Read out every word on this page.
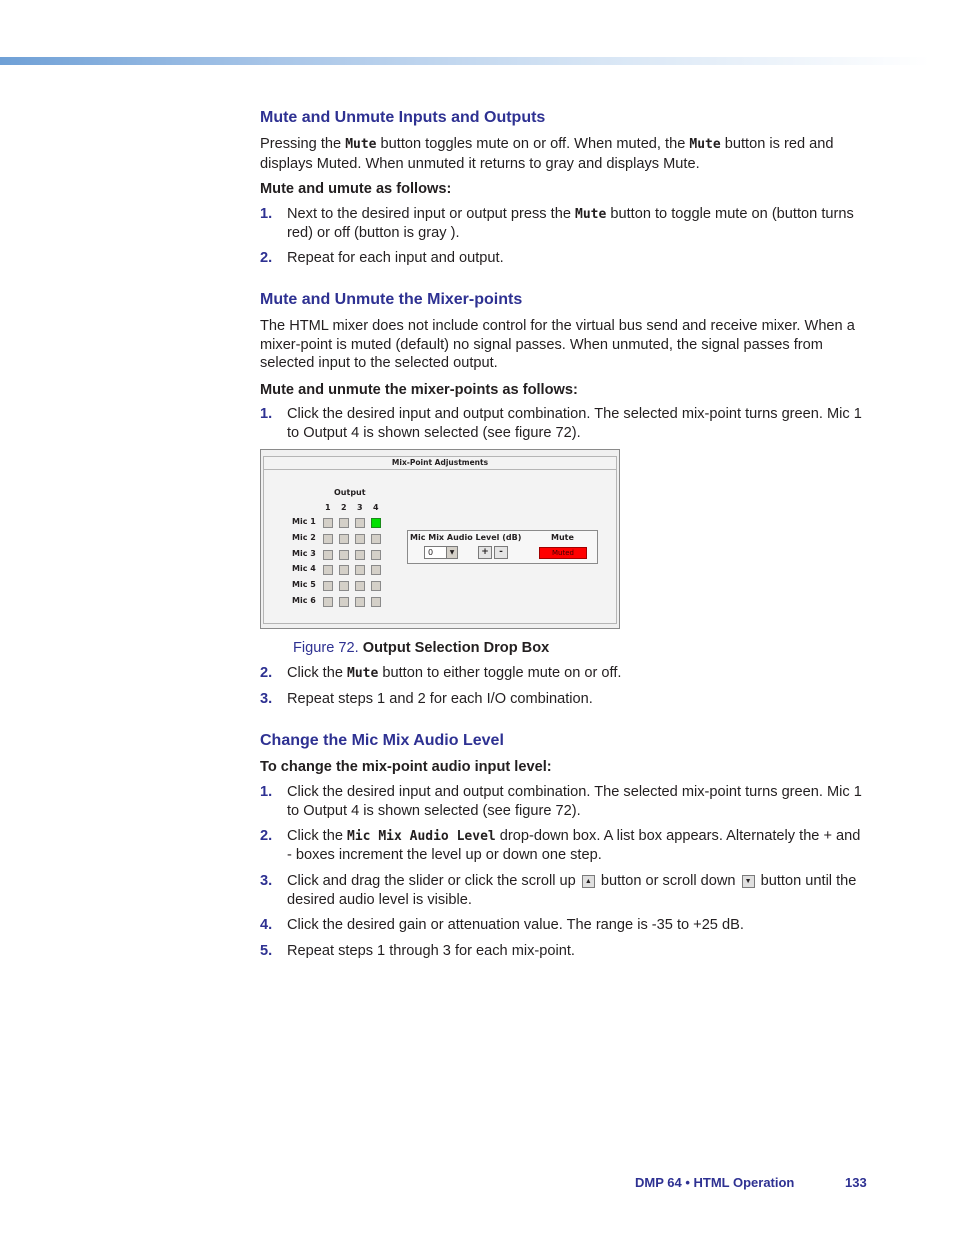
Mute and Unmute Inputs and Outputs
Pressing the Mute button toggles mute on or off. When muted, the Mute button is red and displays Muted. When unmuted it returns to gray and displays Mute.
Mute and umute as follows:
1. Next to the desired input or output press the Mute button to toggle mute on (button turns red) or off (button is gray ).
2. Repeat for each input and output.
Mute and Unmute the Mixer-points
The HTML mixer does not include control for the virtual bus send and receive mixer. When a mixer-point is muted (default) no signal passes. When unmuted, the signal passes from selected input to the selected output.
Mute and unmute the mixer-points as follows:
1. Click the desired input and output combination. The selected mix-point turns green. Mic 1 to Output 4 is shown selected (see figure 72).
Mix-Point Adjustments
Output
1 2 3 4
Mic 1
Mic 2
Mic 3
Mic 4
Mic 5
Mic 6
Mic Mix Audio Level (dB)	Mute
0	▼	+	-	Muted
Figure 72. Output Selection Drop Box
2. Click the Mute button to either toggle mute on or off.
3. Repeat steps 1 and 2 for each I/O combination.
Change the Mic Mix Audio Level
To change the mix-point audio input level:
1. Click the desired input and output combination. The selected mix-point turns green. Mic 1 to Output 4 is shown selected (see figure 72).
2. Click the Mic Mix Audio Level drop-down box. A list box appears. Alternately the + and - boxes increment the level up or down one step.
3. Click and drag the slider or click the scroll up ▲ button or scroll down ▼ button until the desired audio level is visible.
4. Click the desired gain or attenuation value. The range is -35 to +25 dB.
5. Repeat steps 1 through 3 for each mix-point.
DMP 64 • HTML Operation	133
